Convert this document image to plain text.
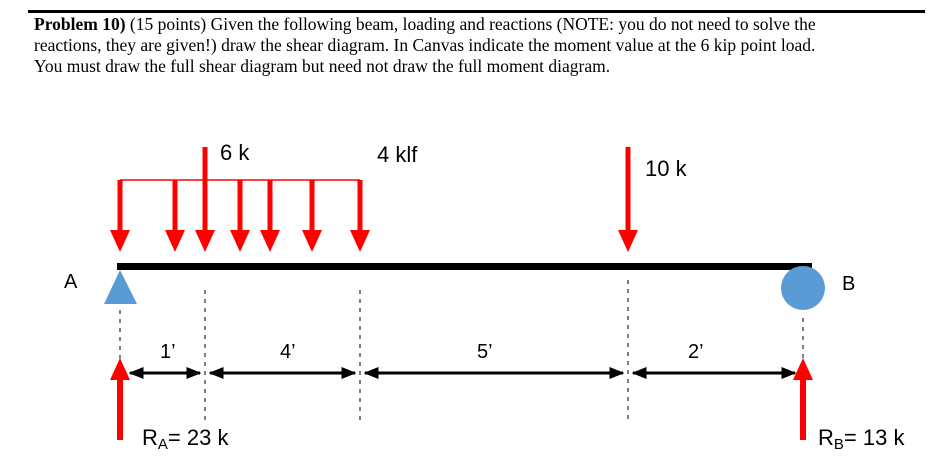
Problem 10) (15 points) Given the following beam, loading and reactions (NOTE: you do not need to solve the
reactions, they are given!) draw the shear diagram. In Canvas indicate the moment value at the 6 kip point load.
You must draw the full shear diagram but need not draw the full moment diagram.
A	B
6 k	4 klf
10 k
1’	4’	5’	2’
RA= 23 k	RB= 13 k
